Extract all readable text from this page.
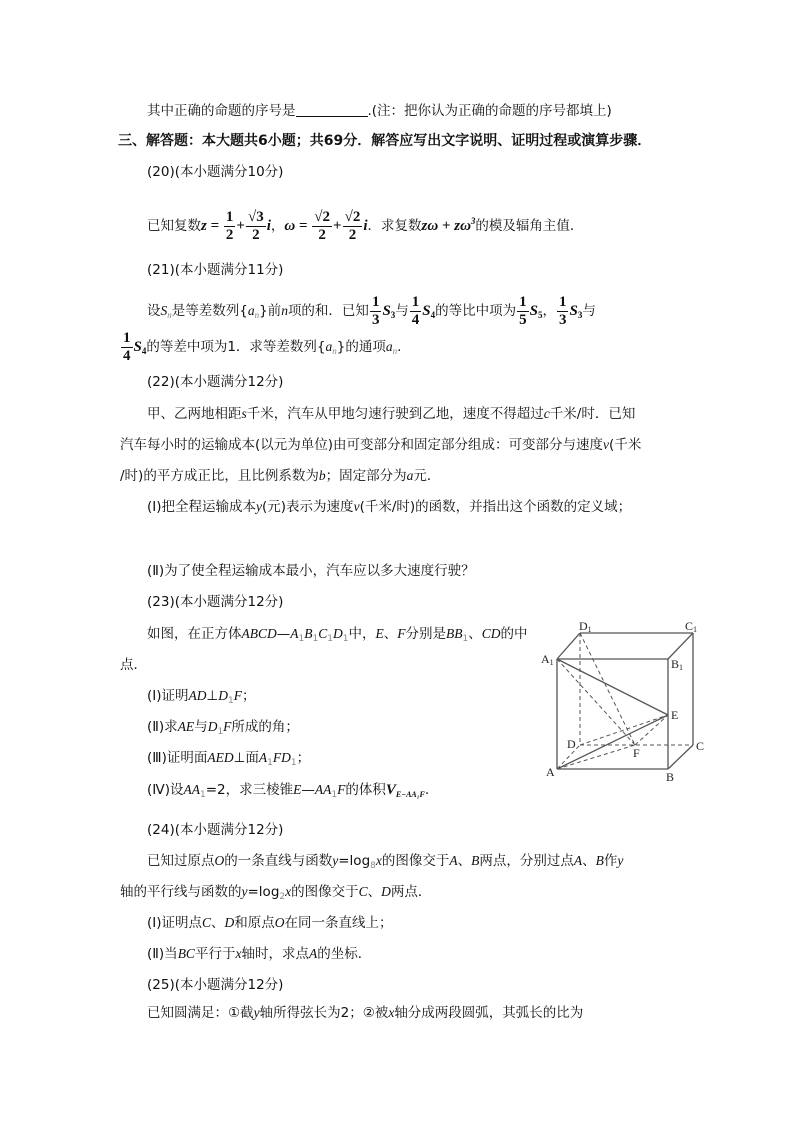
其中正确的命题的序号是	.(注：把你认为正确的命题的序号都填上)
三、解答题：本大题共6小题；共69分．解答应写出文字说明、证明过程或演算步骤．
(20)(本小题满分10分)
已知复数$z = \frac{1}{2} + \frac{√3}{2}$ i，$\omega = \frac{√2}{2} + \frac{√2}{2}$ i．求复数$z\omega + z\omega^3$的模及辐角主值．
(21)(本小题满分11分)
设$S_n$是等差数列$\{a_n\}$前n项的和．已知 $\frac{1}{3} S_3$与 $\frac{1}{4} S_4$的等比中项为 $\frac{1}{5} S_5$， $\frac{1}{3} S_3$与
$\frac{1}{4} S_4$的等差中项为1．求等差数列$\{a_n\}$的通项$a_n$.
(22)(本小题满分12分)
甲、乙两地相距s千米，汽车从甲地匀速行驶到乙地，速度不得超过c千米/时．已知
汽车每小时的运输成本(以元为单位)由可变部分和固定部分组成：可变部分与速度v(千米
/时)的平方成正比，且比例系数为b；固定部分为a元．
(Ⅰ)把全程运输成本y(元)表示为速度v(千米/时)的函数，并指出这个函数的定义域；
(Ⅱ)为了使全程运输成本最小，汽车应以多大速度行驶？
(23)(本小题满分12分)
如图，在正方体$ABCD—A_1B_1C_1D_1$中，E、F分别是$BB_1$、CD的中
点．
(Ⅰ)证明$AD\perp D_1F$；
(Ⅱ)求AE与$D_1F$所成的角；
(Ⅲ)证明面AED⊥面$A_1FD_1$；
(Ⅳ)设$AA_1=2$，求三棱锥$E—AA_1F$的体积$V_{E-AA_1F}$．
D1	C1
A1	B1
E
D	C
F
A	B
(24)(本小题满分12分)
已知过原点O的一条直线与函数$y=\log_8x$的图像交于A、B两点，分别过点A、B作y
轴的平行线与函数的$y=\log_2x$的图像交于C、D两点．
(Ⅰ)证明点C、D和原点O在同一条直线上；
(Ⅱ)当BC平行于x轴时，求点A的坐标．
(25)(本小题满分12分)
已知圆满足：①截y轴所得弦长为2；②被x轴分成两段圆弧，其弧长的比为
